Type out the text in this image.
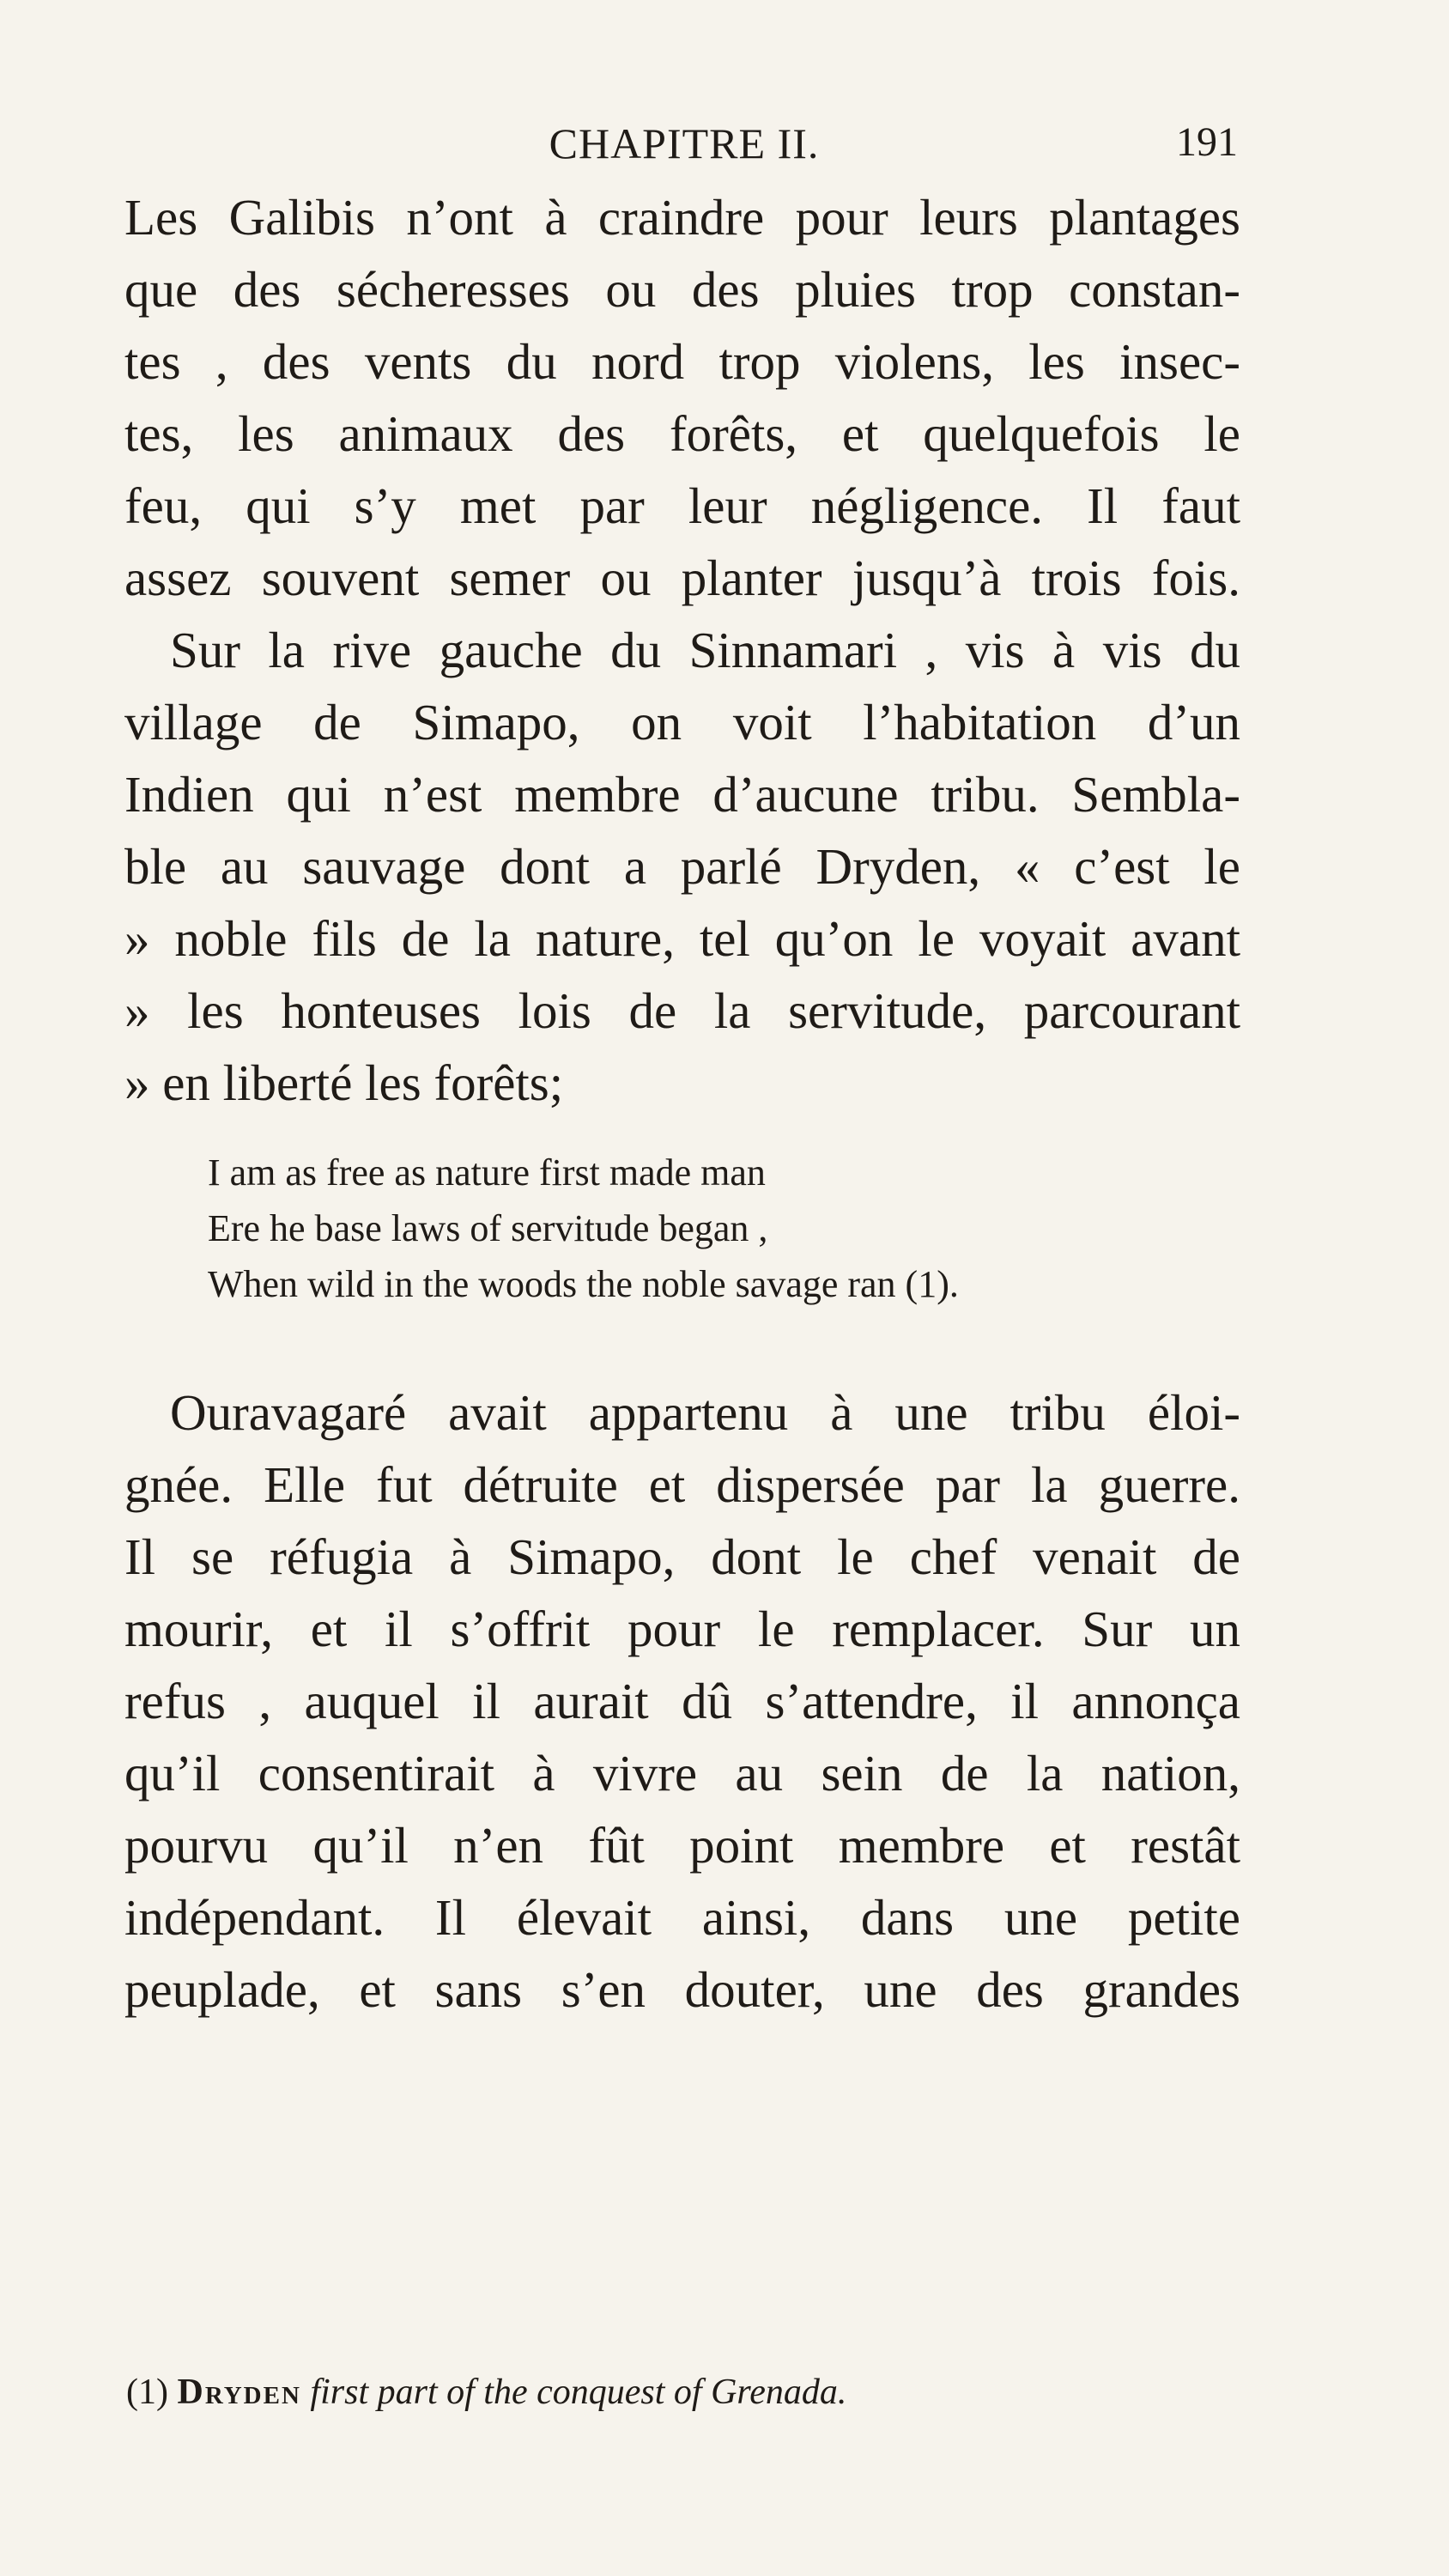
CHAPITRE II.	191
Les Galibis n’ont à craindre pour leurs plantages
que des sécheresses ou des pluies trop constan-
tes , des vents du nord trop violens, les insec-
tes, les animaux des forêts, et quelquefois le
feu, qui s’y met par leur négligence. Il faut
assez souvent semer ou planter jusqu’à trois fois.
Sur la rive gauche du Sinnamari , vis à vis du
village de Simapo, on voit l’habitation d’un
Indien qui n’est membre d’aucune tribu. Sembla-
ble au sauvage dont a parlé Dryden, « c’est le
» noble fils de la nature, tel qu’on le voyait avant
» les honteuses lois de la servitude, parcourant
» en liberté les forêts;
I am as free as nature first made man
Ere he base laws of servitude began ,
When wild in the woods the noble savage ran (1).
Ouravagaré avait appartenu à une tribu éloi-
gnée. Elle fut détruite et dispersée par la guerre.
Il se réfugia à Simapo, dont le chef venait de
mourir, et il s’offrit pour le remplacer. Sur un
refus , auquel il aurait dû s’attendre, il annonça
qu’il consentirait à vivre au sein de la nation,
pourvu qu’il n’en fût point membre et restât
indépendant. Il élevait ainsi, dans une petite
peuplade, et sans s’en douter, une des grandes
(1) Dryden first part of the conquest of Grenada.
